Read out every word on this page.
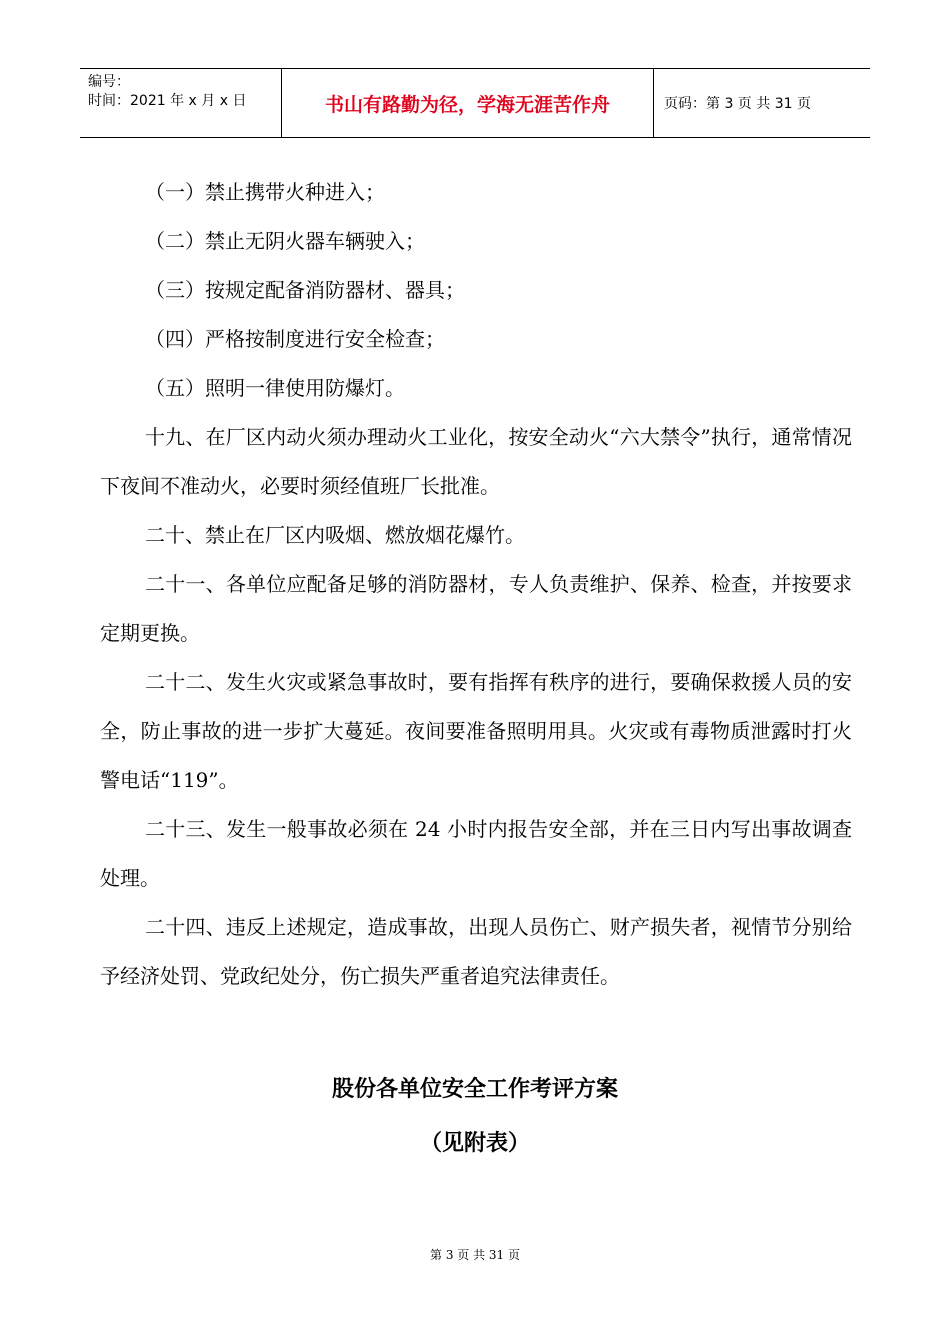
编号：
时间：2021 年 x 月 x 日	书山有路勤为径，学海无涯苦作舟	页码：第 3 页 共 31 页

（一）禁止携带火种进入；

（二）禁止无阴火器车辆驶入；

（三）按规定配备消防器材、器具；

（四）严格按制度进行安全检查；

（五）照明一律使用防爆灯。

十九、在厂区内动火须办理动火工业化，按安全动火“六大禁令”执行，通常情况下夜间不准动火，必要时须经值班厂长批准。

二十、禁止在厂区内吸烟、燃放烟花爆竹。

二十一、各单位应配备足够的消防器材，专人负责维护、保养、检查，并按要求定期更换。

二十二、发生火灾或紧急事故时，要有指挥有秩序的进行，要确保救援人员的安全，防止事故的进一步扩大蔓延。夜间要准备照明用具。火灾或有毒物质泄露时打火警电话“119”。

二十三、发生一般事故必须在 24 小时内报告安全部，并在三日内写出事故调查处理。

二十四、违反上述规定，造成事故，出现人员伤亡、财产损失者，视情节分别给予经济处罚、党政纪处分，伤亡损失严重者追究法律责任。

股份各单位安全工作考评方案
（见附表）
第 3 页 共 31 页
